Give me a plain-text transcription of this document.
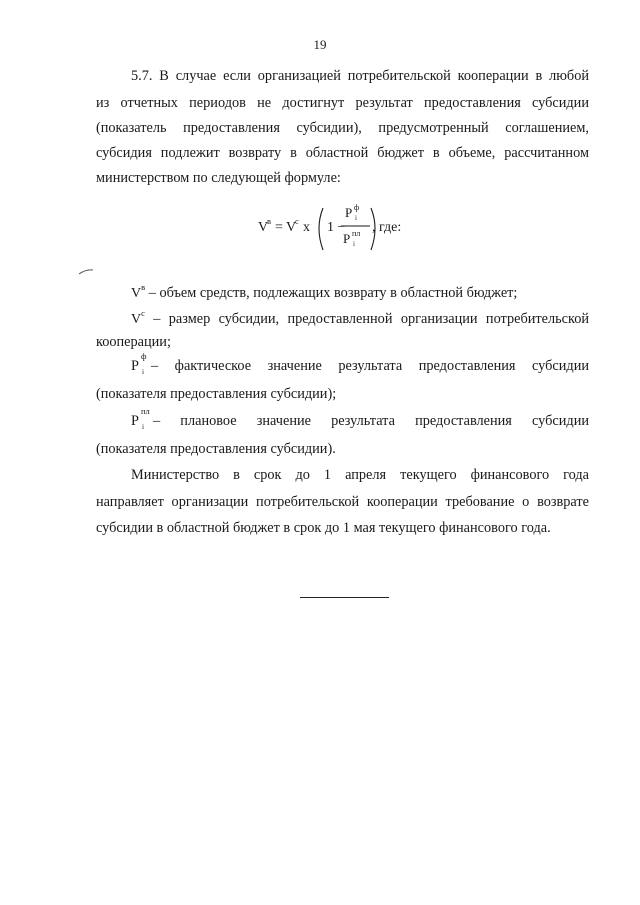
19
5.7. В случае если организацией потребительской кооперации в любой
из отчетных периодов не достигнут результат предоставления субсидии
(показатель предоставления субсидии), предусмотренный соглашением,
субсидия подлежит возврату в областной бюджет в объеме, рассчитанном
министерством по следующей формуле:
V
в = V
с x 1 −
P ф
i
P пл
i
, где:
$V^в$ – объем средств, подлежащих возврату в областной бюджет;
$V^с$ – размер субсидии, предоставленной организации потребительской
кооперации;
P
ф
i – фактическое значение результата предоставления субсидии
(показателя предоставления субсидии);
P
пл
i – плановое значение результата предоставления субсидии
(показателя предоставления субсидии).
Министерство в срок до 1 апреля текущего финансового года
направляет организации потребительской кооперации требование о возврате
субсидии в областной бюджет в срок до 1 мая текущего финансового года.
